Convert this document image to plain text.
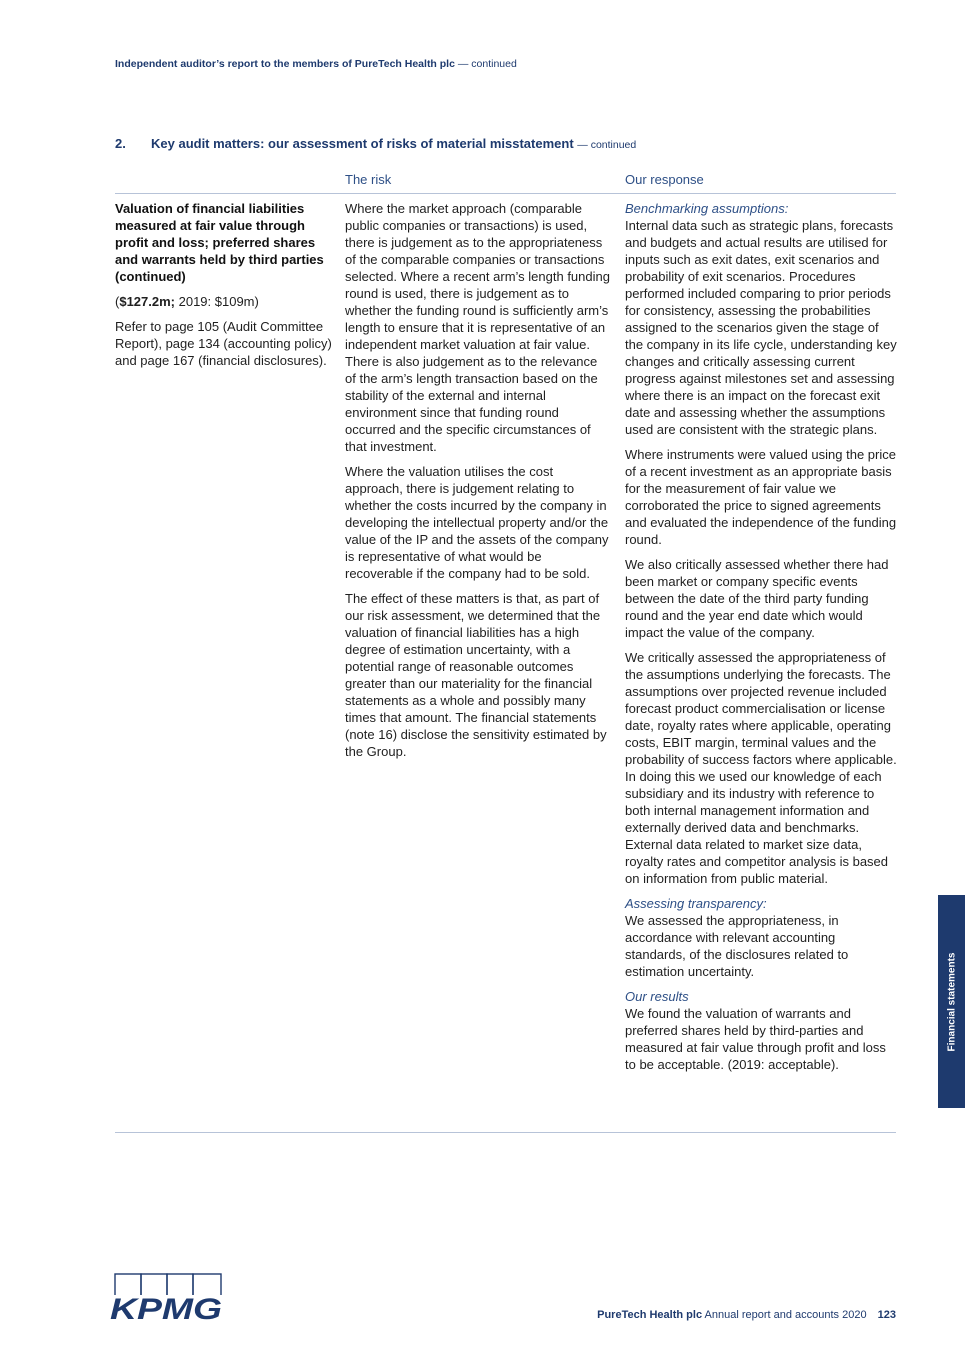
Independent auditor’s report to the members of PureTech Health plc — continued
2. Key audit matters: our assessment of risks of material misstatement — continued
The risk	Our response

Valuation of financial liabilities measured at fair value through profit and loss; preferred shares and warrants held by third parties (continued)

($127.2m; 2019: $109m)

Refer to page 105 (Audit Committee Report), page 134 (accounting policy) and page 167 (financial disclosures).

Where the market approach (comparable public companies or transactions) is used, there is judgement as to the appropriateness of the comparable companies or transactions selected. Where a recent arm’s length funding round is used, there is judgement as to whether the funding round is sufficiently arm’s length to ensure that it is representative of an independent market valuation at fair value. There is also judgement as to the relevance of the arm’s length transaction based on the stability of the external and internal environment since that funding round occurred and the specific circumstances of that investment.

Where the valuation utilises the cost approach, there is judgement relating to whether the costs incurred by the company in developing the intellectual property and/or the value of the IP and the assets of the company is representative of what would be recoverable if the company had to be sold.

The effect of these matters is that, as part of our risk assessment, we determined that the valuation of financial liabilities has a high degree of estimation uncertainty, with a potential range of reasonable outcomes greater than our materiality for the financial statements as a whole and possibly many times that amount. The financial statements (note 16) disclose the sensitivity estimated by the Group.

Benchmarking assumptions:
Internal data such as strategic plans, forecasts and budgets and actual results are utilised for inputs such as exit dates, exit scenarios and probability of exit scenarios. Procedures performed included comparing to prior periods for consistency, assessing the probabilities assigned to the scenarios given the stage of the company in its life cycle, understanding key changes and critically assessing current progress against milestones set and assessing where there is an impact on the forecast exit date and assessing whether the assumptions used are consistent with the strategic plans.

Where instruments were valued using the price of a recent investment as an appropriate basis for the measurement of fair value we corroborated the price to signed agreements and evaluated the independence of the funding round.

We also critically assessed whether there had been market or company specific events between the date of the third party funding round and the year end date which would impact the value of the company.

We critically assessed the appropriateness of the assumptions underlying the forecasts. The assumptions over projected revenue included forecast product commercialisation or license date, royalty rates where applicable, operating costs, EBIT margin, terminal values and the probability of success factors where applicable. In doing this we used our knowledge of each subsidiary and its industry with reference to both internal management information and externally derived data and benchmarks. External data related to market size data, royalty rates and competitor analysis is based on information from public material.

Assessing transparency:
We assessed the appropriateness, in accordance with relevant accounting standards, of the disclosures related to estimation uncertainty.

Our results
We found the valuation of warrants and preferred shares held by third-parties and measured at fair value through profit and loss to be acceptable. (2019: acceptable).

Financial statements
KPMG	PureTech Health plc Annual report and accounts 2020 123
